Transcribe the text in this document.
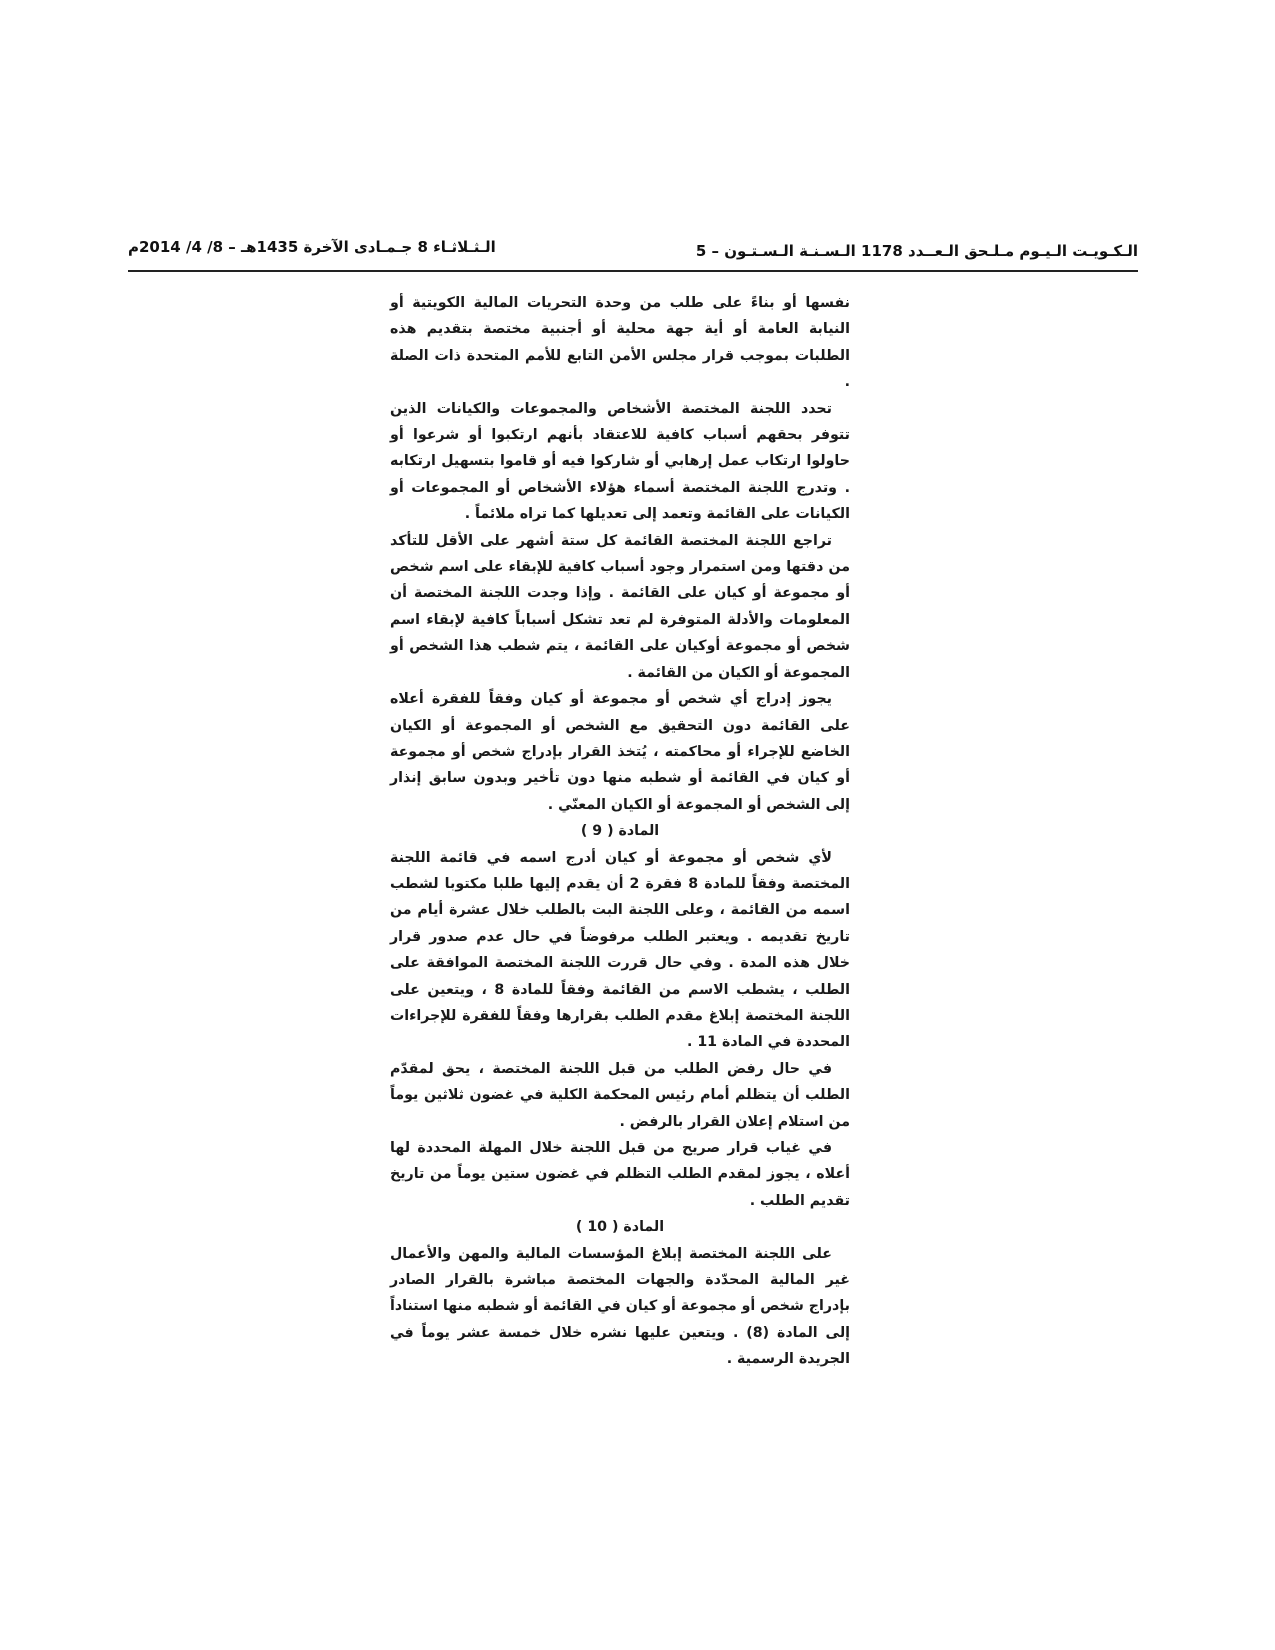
الـكـويـت الـيـوم مـلـحق الـعــدد 1178 الـسـنـة الـسـتـون – 5
الـثـلاثـاء 8 جـمـادى الآخرة 1435هـ – 8/ 4/ 2014م

نفسها أو بناءً على طلب من وحدة التحريات المالية الكويتية أو النيابة العامة أو أية جهة محلية أو أجنبية مختصة بتقديم هذه الطلبات بموجب قرار مجلس الأمن التابع للأمم المتحدة ذات الصلة .

تحدد اللجنة المختصة الأشخاص والمجموعات والكيانات الذين تتوفر بحقهم أسباب كافية للاعتقاد بأنهم ارتكبوا أو شرعوا أو حاولوا ارتكاب عمل إرهابي أو شاركوا فيه أو قاموا بتسهيل ارتكابه . وتدرج اللجنة المختصة أسماء هؤلاء الأشخاص أو المجموعات أو الكيانات على القائمة وتعمد إلى تعديلها كما تراه ملائماً .

تراجع اللجنة المختصة القائمة كل ستة أشهر على الأقل للتأكد من دقتها ومن استمرار وجود أسباب كافية للإبقاء على اسم شخص أو مجموعة أو كيان على القائمة . وإذا وجدت اللجنة المختصة أن المعلومات والأدلة المتوفرة لم تعد تشكل أسباباً كافية لإبقاء اسم شخص أو مجموعة أوكيان على القائمة ، يتم شطب هذا الشخص أو المجموعة أو الكيان من القائمة .

يجوز إدراج أي شخص أو مجموعة أو كيان وفقاً للفقرة أعلاه على القائمة دون التحقيق مع الشخص أو المجموعة أو الكيان الخاضع للإجراء أو محاكمته ، يُتخذ القرار بإدراج شخص أو مجموعة أو كيان في القائمة أو شطبه منها دون تأخير وبدون سابق إنذار إلى الشخص أو المجموعة أو الكيان المعنّي .

المادة ( 9 )

لأي شخص أو مجموعة أو كيان أدرج اسمه في قائمة اللجنة المختصة وفقاً للمادة 8 فقرة 2 أن يقدم إليها طلبا مكتوبا لشطب اسمه من القائمة ، وعلى اللجنة البت بالطلب خلال عشرة أيام من تاريخ تقديمه . ويعتبر الطلب مرفوضاً في حال عدم صدور قرار خلال هذه المدة . وفي حال قررت اللجنة المختصة الموافقة على الطلب ، يشطب الاسم من القائمة وفقاً للمادة 8 ، ويتعين على اللجنة المختصة إبلاغ مقدم الطلب بقرارها وفقاً للفقرة للإجراءات المحددة في المادة 11 .

في حال رفض الطلب من قبل اللجنة المختصة ، يحق لمقدّم الطلب أن يتظلم أمام رئيس المحكمة الكلية في غضون ثلاثين يوماً من استلام إعلان القرار بالرفض .

في غياب قرار صريح من قبل اللجنة خلال المهلة المحددة لها أعلاه ، يجوز لمقدم الطلب التظلم في غضون ستين يوماً من تاريخ تقديم الطلب .

المادة ( 10 )

على اللجنة المختصة إبلاغ المؤسسات المالية والمهن والأعمال غير المالية المحدّدة والجهات المختصة مباشرة بالقرار الصادر بإدراج شخص أو مجموعة أو كيان في القائمة أو شطبه منها استناداً إلى المادة (8) . ويتعين عليها نشره خلال خمسة عشر يوماً في الجريدة الرسمية .
